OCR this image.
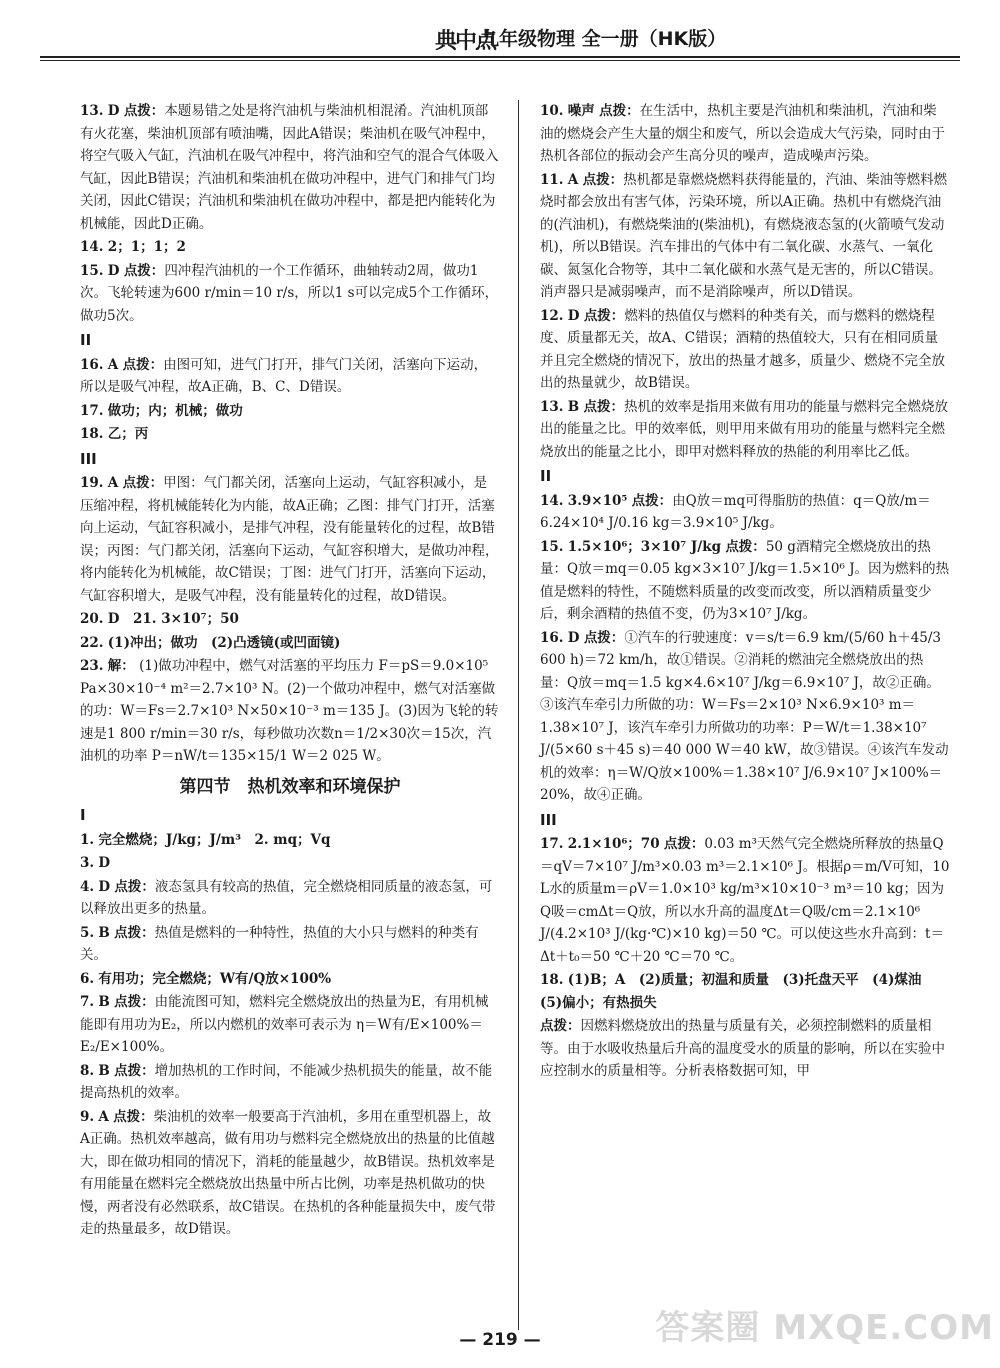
典中点
九年级物理 全一册（HK版）
13. D 点拨：本题易错之处是将汽油机与柴油机相混淆。汽油机顶部有火花塞，柴油机顶部有喷油嘴，因此A错误；柴油机在吸气冲程中，将空气吸入气缸，汽油机在吸气冲程中，将汽油和空气的混合气体吸入气缸，因此B错误；汽油机和柴油机在做功冲程中，进气门和排气门均关闭，因此C错误；汽油机和柴油机在做功冲程中，都是把内能转化为机械能，因此D正确。
14. 2；1；1；2
15. D 点拨：四冲程汽油机的一个工作循环，曲轴转动2周，做功1次。飞轮转速为600 r/min＝10 r/s，所以1 s可以完成5个工作循环，做功5次。
II
16. A 点拨：由图可知，进气门打开，排气门关闭，活塞向下运动，所以是吸气冲程，故A正确，B、C、D错误。
17. 做功；内；机械；做功
18. 乙；丙
III
19. A 点拨：甲图：气门都关闭，活塞向上运动，气缸容积减小，是压缩冲程，将机械能转化为内能，故A正确；乙图：排气门打开，活塞向上运动，气缸容积减小，是排气冲程，没有能量转化的过程，故B错误；丙图：气门都关闭，活塞向下运动，气缸容积增大，是做功冲程，将内能转化为机械能，故C错误；丁图：进气门打开，活塞向下运动，气缸容积增大，是吸气冲程，没有能量转化的过程，故D错误。
20. D　21. 3×10⁷；50
22. (1)冲出；做功　(2)凸透镜(或凹面镜)
23. 解： (1)做功冲程中，燃气对活塞的平均压力 F＝pS＝9.0×10⁵ Pa×30×10⁻⁴ m²＝2.7×10³ N。(2)一个做功冲程中，燃气对活塞做的功：W＝Fs＝2.7×10³ N×50×10⁻³ m＝135 J。(3)因为飞轮的转速是1 800 r/min＝30 r/s，每秒做功次数n＝1/2×30次＝15次，汽油机的功率 P＝nW/t＝135×15/1 W＝2 025 W。
第四节　热机效率和环境保护
I
1. 完全燃烧；J/kg；J/m³　2. mq；Vq
3. D
4. D 点拨：液态氢具有较高的热值，完全燃烧相同质量的液态氢，可以释放出更多的热量。
5. B 点拨：热值是燃料的一种特性，热值的大小只与燃料的种类有关。
6. 有用功；完全燃烧；W有/Q放×100%
7. B 点拨：由能流图可知，燃料完全燃烧放出的热量为E，有用机械能即有用功为E₂，所以内燃机的效率可表示为 η＝W有/E×100%＝E₂/E×100%。
8. B 点拨：增加热机的工作时间，不能减少热机损失的能量，故不能提高热机的效率。
9. A 点拨：柴油机的效率一般要高于汽油机，多用在重型机器上，故A正确。热机效率越高，做有用功与燃料完全燃烧放出的热量的比值越大，即在做功相同的情况下，消耗的能量越少，故B错误。热机效率是有用能量在燃料完全燃烧放出热量中所占比例，功率是热机做功的快慢，两者没有必然联系，故C错误。在热机的各种能量损失中，废气带走的热量最多，故D错误。
10. 噪声 点拨：在生活中，热机主要是汽油机和柴油机，汽油和柴油的燃烧会产生大量的烟尘和废气，所以会造成大气污染，同时由于热机各部位的振动会产生高分贝的噪声，造成噪声污染。
11. A 点拨：热机都是靠燃烧燃料获得能量的，汽油、柴油等燃料燃烧时都会放出有害气体，污染环境，所以A正确。热机中有燃烧汽油的(汽油机)，有燃烧柴油的(柴油机)，有燃烧液态氢的(火箭喷气发动机)，所以B错误。汽车排出的气体中有二氧化碳、水蒸气、一氧化碳、氮氢化合物等，其中二氧化碳和水蒸气是无害的，所以C错误。消声器只是减弱噪声，而不是消除噪声，所以D错误。
12. D 点拨：燃料的热值仅与燃料的种类有关，而与燃料的燃烧程度、质量都无关，故A、C错误；酒精的热值较大，只有在相同质量并且完全燃烧的情况下，放出的热量才越多，质量少、燃烧不完全放出的热量就少，故B错误。
13. B 点拨：热机的效率是指用来做有用功的能量与燃料完全燃烧放出的能量之比。甲的效率低，则甲用来做有用功的能量与燃料完全燃烧放出的能量之比小，即甲对燃料释放的热能的利用率比乙低。
II
14. 3.9×10⁵ 点拨：由Q放＝mq可得脂肪的热值：q＝Q放/m＝6.24×10⁴ J/0.16 kg＝3.9×10⁵ J/kg。
15. 1.5×10⁶；3×10⁷ J/kg 点拨：50 g酒精完全燃烧放出的热量：Q放＝mq＝0.05 kg×3×10⁷ J/kg＝1.5×10⁶ J。因为燃料的热值是燃料的特性，不随燃料质量的改变而改变，所以酒精质量变少后，剩余酒精的热值不变，仍为3×10⁷ J/kg。
16. D 点拨：①汽车的行驶速度：v＝s/t＝6.9 km/(5/60 h＋45/3 600 h)＝72 km/h，故①错误。②消耗的燃油完全燃烧放出的热量：Q放＝mq＝1.5 kg×4.6×10⁷ J/kg＝6.9×10⁷ J，故②正确。③该汽车牵引力所做的功：W＝Fs＝2×10³ N×6.9×10³ m＝1.38×10⁷ J，该汽车牵引力所做功的功率：P＝W/t＝1.38×10⁷ J/(5×60 s＋45 s)＝40 000 W＝40 kW，故③错误。④该汽车发动机的效率：η＝W/Q放×100%＝1.38×10⁷ J/6.9×10⁷ J×100%＝20%，故④正确。
III
17. 2.1×10⁶；70 点拨：0.03 m³天然气完全燃烧所释放的热量Q＝qV＝7×10⁷ J/m³×0.03 m³＝2.1×10⁶ J。根据ρ＝m/V可知，10 L水的质量m＝ρV＝1.0×10³ kg/m³×10×10⁻³ m³＝10 kg；因为Q吸＝cmΔt＝Q放，所以水升高的温度Δt＝Q吸/cm＝2.1×10⁶ J/(4.2×10³ J/(kg·℃)×10 kg)＝50 ℃。可以使这些水升高到：t＝Δt＋t₀＝50 ℃＋20 ℃＝70 ℃。
18. (1)B；A　(2)质量；初温和质量　(3)托盘天平　(4)煤油　(5)偏小；有热损失
点拨：因燃料燃烧放出的热量与质量有关，必须控制燃料的质量相等。由于水吸收热量后升高的温度受水的质量的影响，所以在实验中应控制水的质量相等。分析表格数据可知，甲
— 219 —	答案圈 MXQE.COM
